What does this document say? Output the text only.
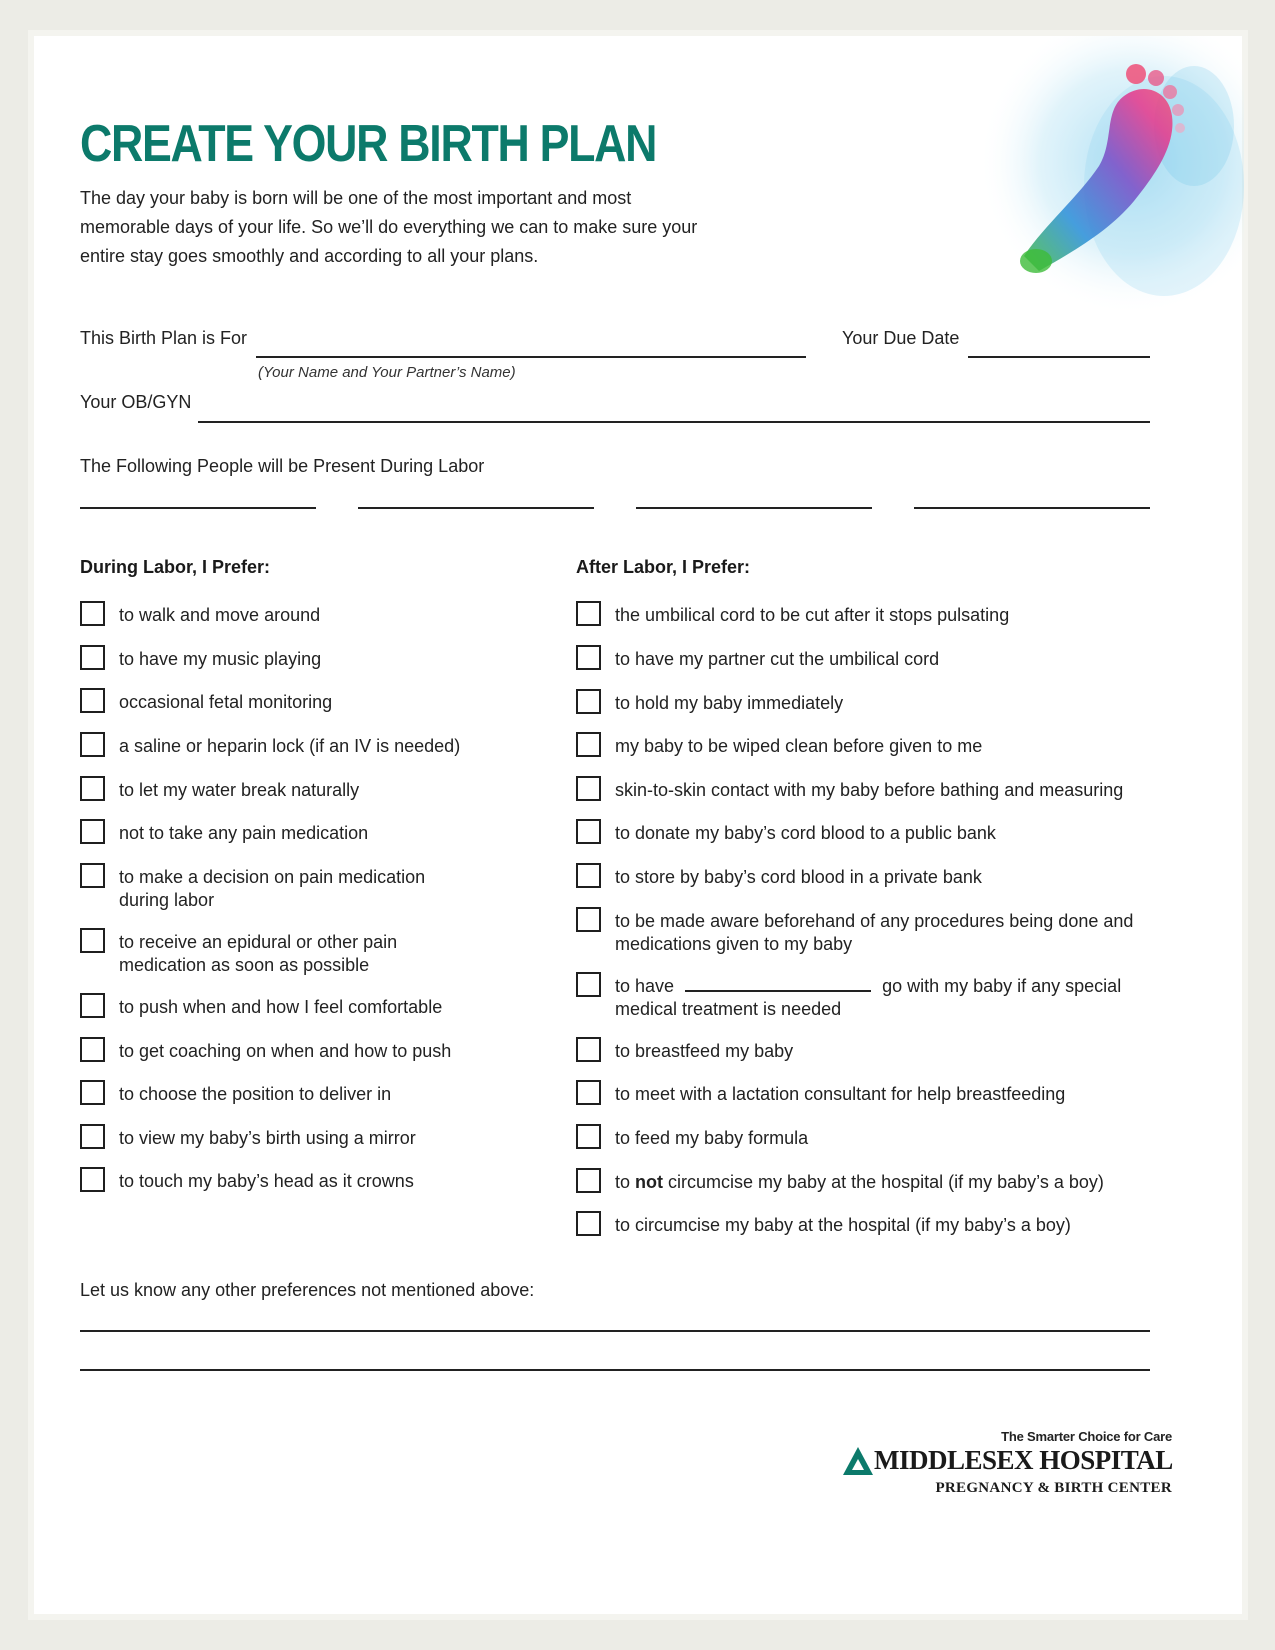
CREATE YOUR BIRTH PLAN

The day your baby is born will be one of the most important and most memorable days of your life. So we’ll do everything we can to make sure your entire stay goes smoothly and according to all your plans.

This Birth Plan is For
(Your Name and Your Partner’s Name)
Your Due Date
Your OB/GYN
The Following People will be Present During Labor
During Labor, I Prefer:
to walk and move around
to have my music playing
occasional fetal monitoring
a saline or heparin lock (if an IV is needed)
to let my water break naturally
not to take any pain medication
to make a decision on pain medication during labor
to receive an epidural or other pain medication as soon as possible
to push when and how I feel comfortable
to get coaching on when and how to push
to choose the position to deliver in
to view my baby’s birth using a mirror
to touch my baby’s head as it crowns
After Labor, I Prefer:
the umbilical cord to be cut after it stops pulsating
to have my partner cut the umbilical cord
to hold my baby immediately
my baby to be wiped clean before given to me
skin-to-skin contact with my baby before bathing and measuring
to donate my baby’s cord blood to a public bank
to store by baby’s cord blood in a private bank
to be made aware beforehand of any procedures being done and medications given to my baby
to have	go with my baby if any special
medical treatment is needed
to breastfeed my baby
to meet with a lactation consultant for help breastfeeding
to feed my baby formula
to not circumcise my baby at the hospital (if my baby’s a boy)
to circumcise my baby at the hospital (if my baby’s a boy)
Let us know any other preferences not mentioned above:
The Smarter Choice for Care
MIDDLESEX HOSPITAL
PREGNANCY & BIRTH CENTER
